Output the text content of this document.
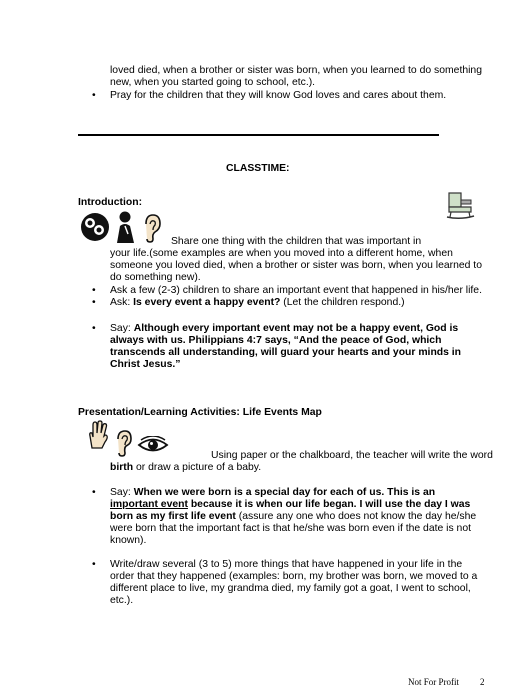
loved died, when a brother or sister was born, when you learned to do something
new, when you started going to school, etc.).
• Pray for the children that they will know God loves and cares about them.
CLASSTIME:
Introduction:
Share one thing with the children that was important in
your life.(some examples are when you moved into a different home, when
someone you loved died, when a brother or sister was born, when you learned to
do something new).
• Ask a few (2-3) children to share an important event that happened in his/her life.
• Ask: Is every event a happy event? (Let the children respond.)
• Say: Although every important event may not be a happy event, God is
always with us. Philippians 4:7 says, “And the peace of God, which
transcends all understanding, will guard your hearts and your minds in
Christ Jesus.”
Presentation/Learning Activities: Life Events Map
Using paper or the chalkboard, the teacher will write the word
birth or draw a picture of a baby.
• Say: When we were born is a special day for each of us. This is an
important event because it is when our life began. I will use the day I was
born as my first life event (assure any one who does not know the day he/she
were born that the important fact is that he/she was born even if the date is not
known).
• Write/draw several (3 to 5) more things that have happened in your life in the
order that they happened (examples: born, my brother was born, we moved to a
different place to live, my grandma died, my family got a goat, I went to school,
etc.).
Not For Profit 2
